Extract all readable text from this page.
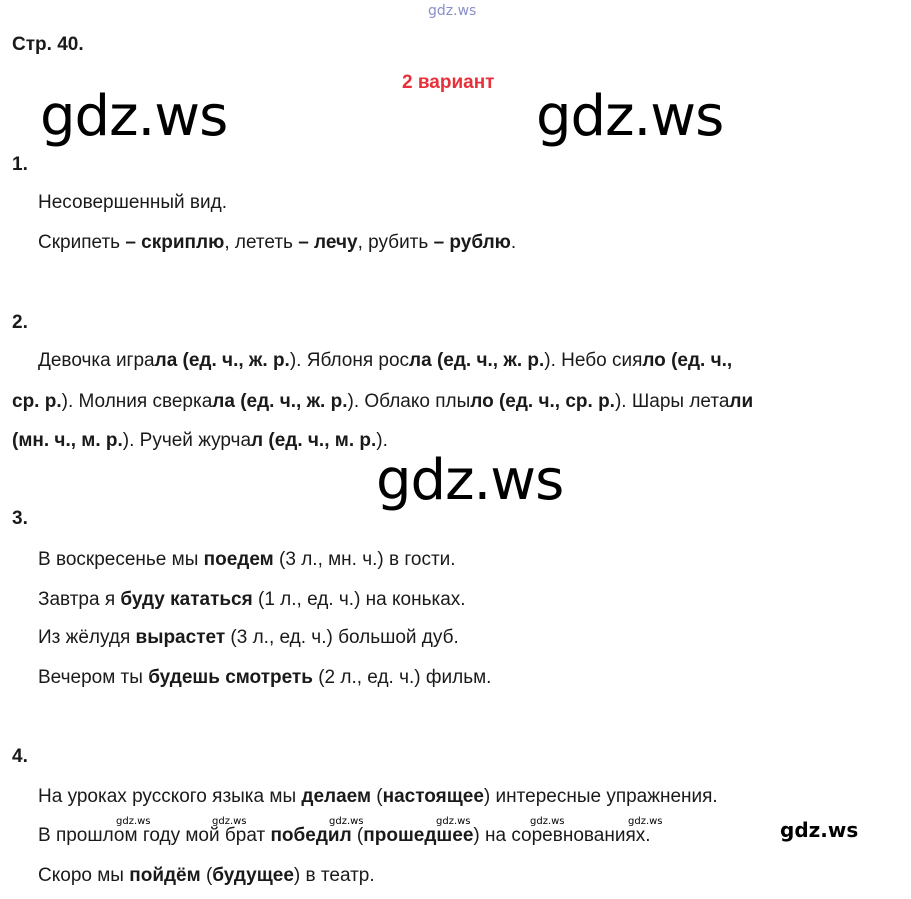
gdz.ws
gdz.ws	gdz.ws
gdz.ws
Стр. 40.
2 вариант
1.
Несовершенный вид.
Скрипеть – скриплю, лететь – лечу, рубить – рублю.
2.
Девочка играла (ед. ч., ж. р.). Яблоня росла (ед. ч., ж. р.). Небо сияло (ед. ч.,
ср. р.). Молния сверкала (ед. ч., ж. р.). Облако плыло (ед. ч., ср. р.). Шары летали
(мн. ч., м. р.). Ручей журчал (ед. ч., м. р.).
3.
В воскресенье мы поедем (3 л., мн. ч.) в гости.
Завтра я буду кататься (1 л., ед. ч.) на коньках.
Из жёлудя вырастет (3 л., ед. ч.) большой дуб.
Вечером ты будешь смотреть (2 л., ед. ч.) фильм.
4.
На уроках русского языка мы делаем (настоящее) интересные упражнения.
gdz.ws	gdz.ws	gdz.ws	gdz.ws	gdz.ws	gdz.ws
В прошлом году мой брат победил (прошедшее) на соревнованиях.	gdz.ws
Скоро мы пойдём (будущее) в театр.
